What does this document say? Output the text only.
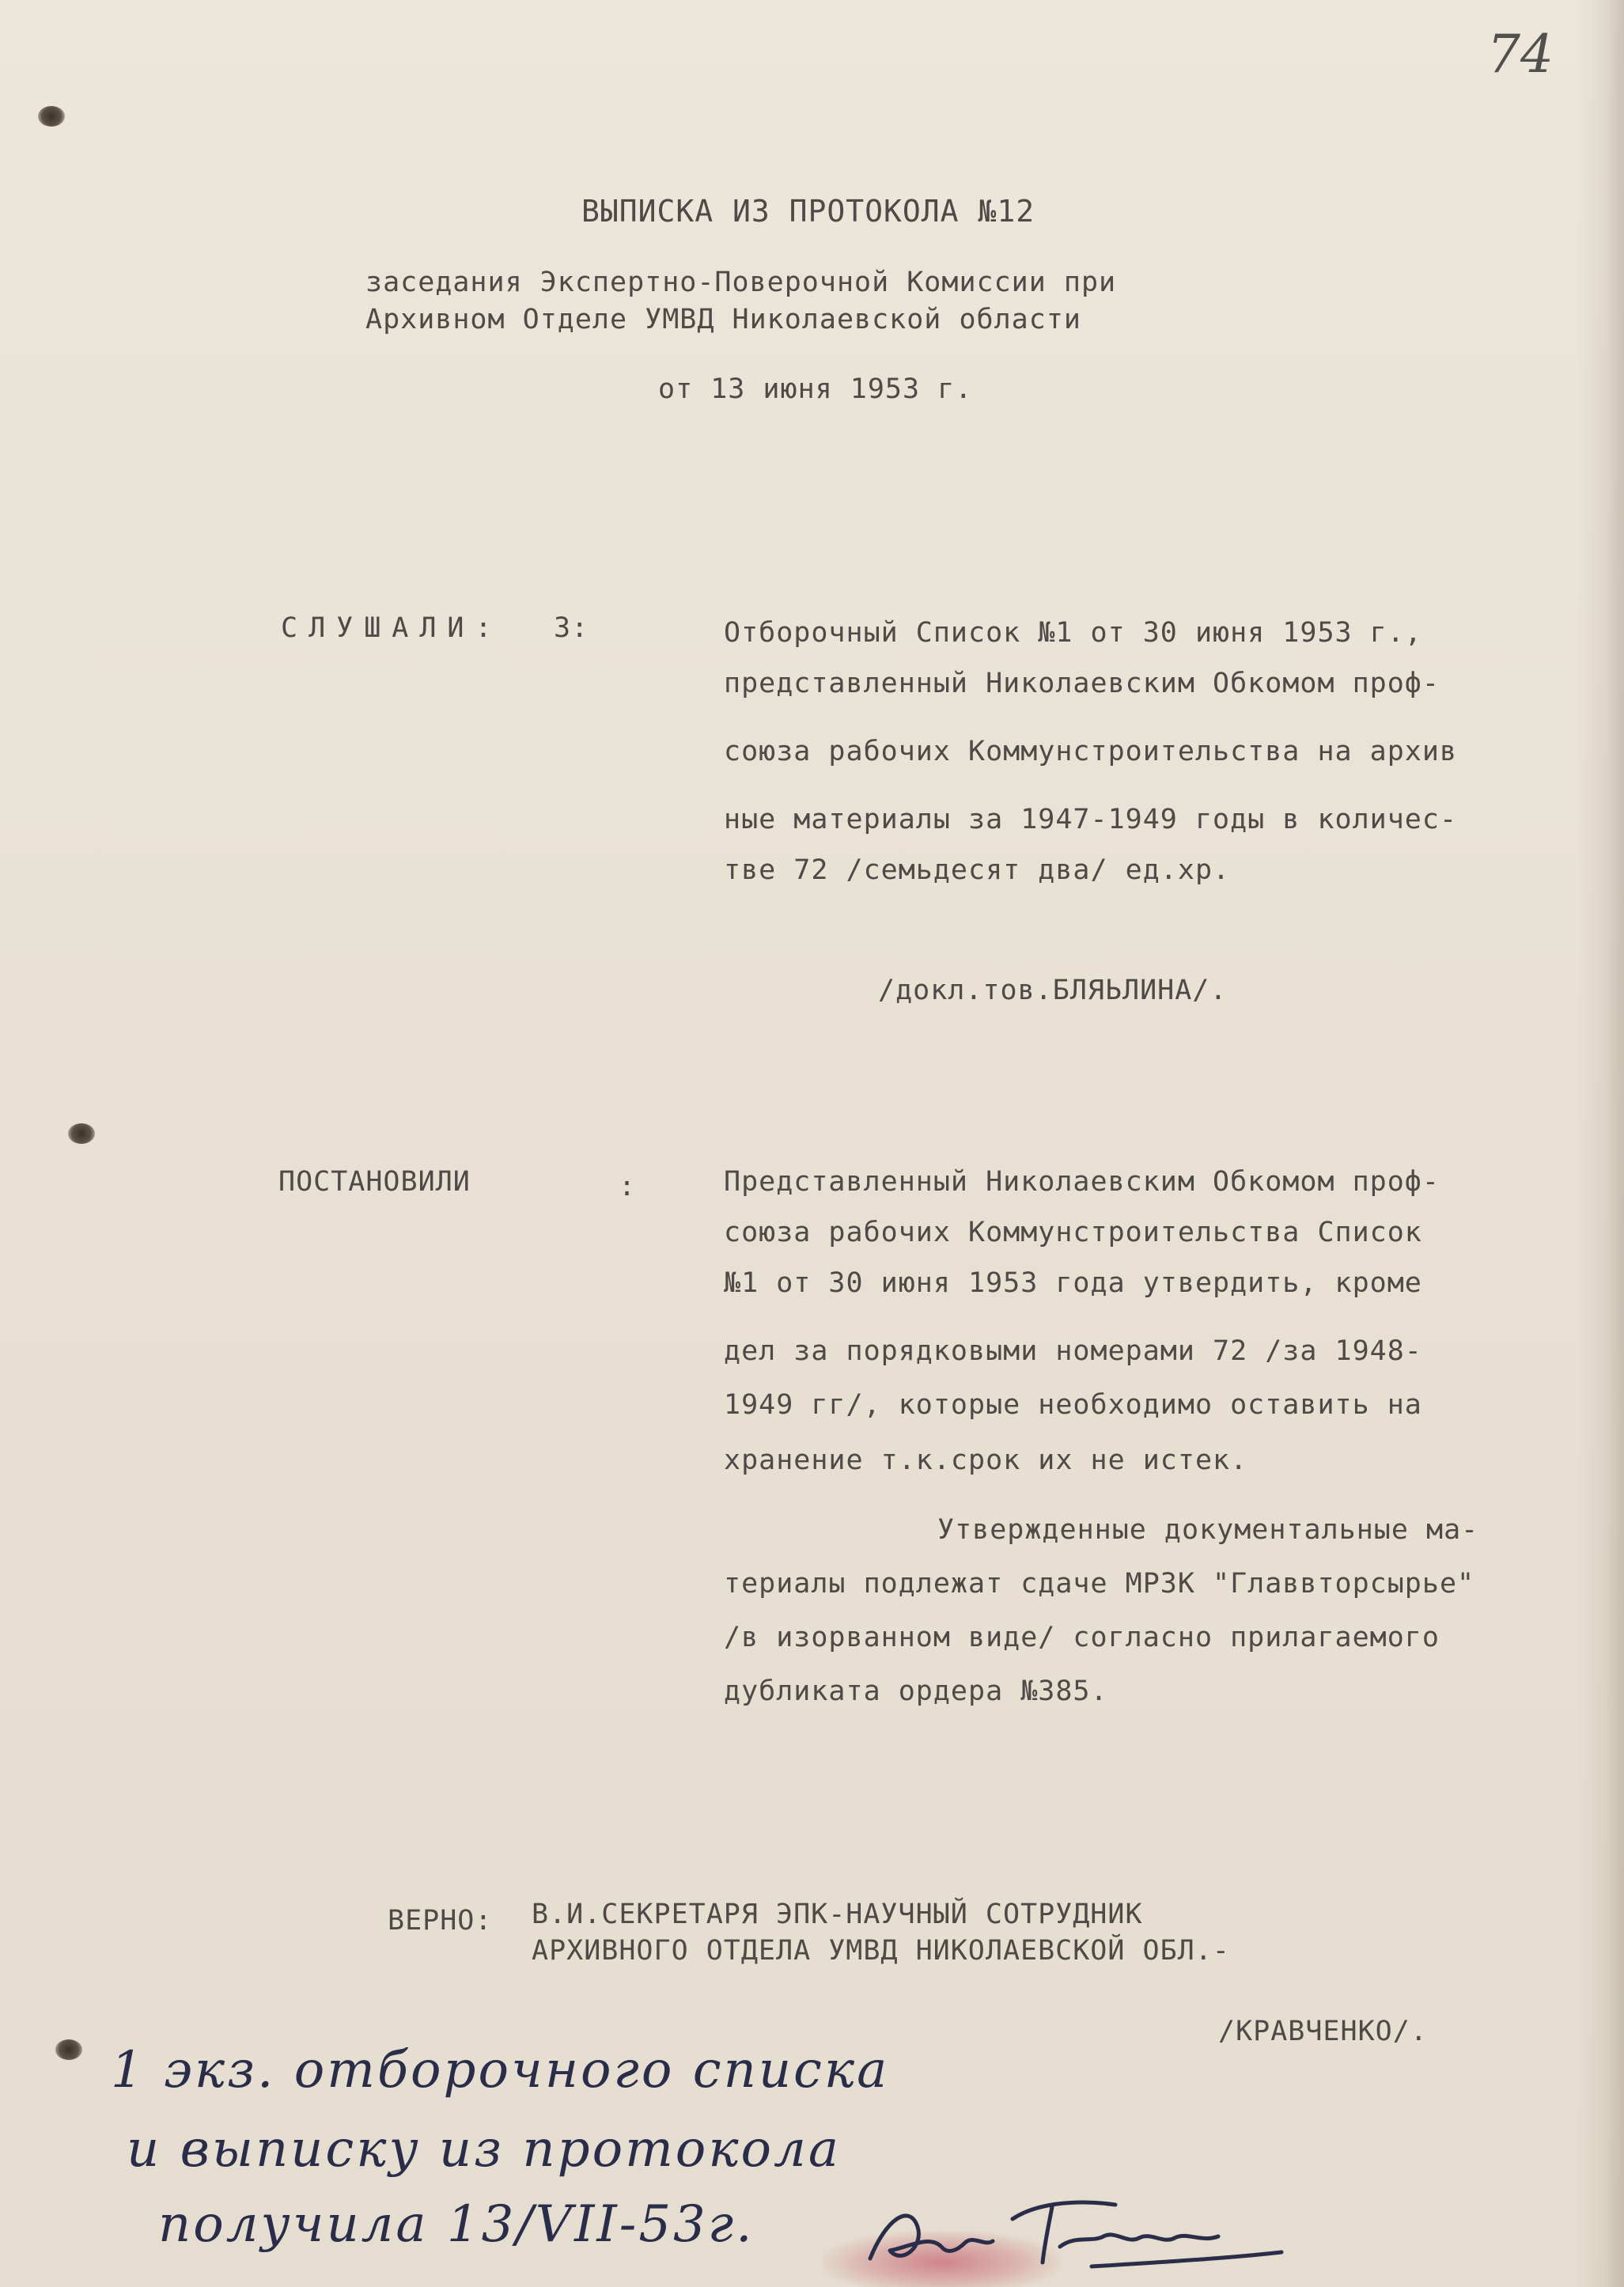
74
ВЫПИСКА ИЗ ПРОТОКОЛА №12
заседания Экспертно-Поверочной Комиссии при
Архивном Отделе УМВД Николаевской области
от 13 июня 1953 г.
СЛУШАЛИ: 3:	Отборочный Список №1 от 30 июня 1953 г.,
представленный Николаевским Обкомом проф-
союза рабочих Коммунстроительства на архив
ные материалы за 1947-1949 годы в количес-
тве 72 /семьдесят два/ ед.хр.
/докл.тов.БЛЯЬЛИНА/.
ПОСТАНОВИЛИ	:	Представленный Николаевским Обкомом проф-
союза рабочих Коммунстроительства Список
№1 от 30 июня 1953 года утвердить, кроме
дел за порядковыми номерами 72 /за 1948-
1949 гг/, которые необходимо оставить на
хранение т.к.срок их не истек.
Утвержденные документальные ма-
териалы подлежат сдаче МРЗК "Главвторсырье"
/в изорванном виде/ согласно прилагаемого
дубликата ордера №385.
ВЕРНО: В.И.СЕКРЕТАРЯ ЭПК-НАУЧНЫЙ СОТРУДНИК
АРХИВНОГО ОТДЕЛА УМВД НИКОЛАЕВСКОЙ ОБЛ.-
/КРАВЧЕНКО/.
1 экз. отборочного списка
и выписку из протокола
получила 13/VII-53г.
